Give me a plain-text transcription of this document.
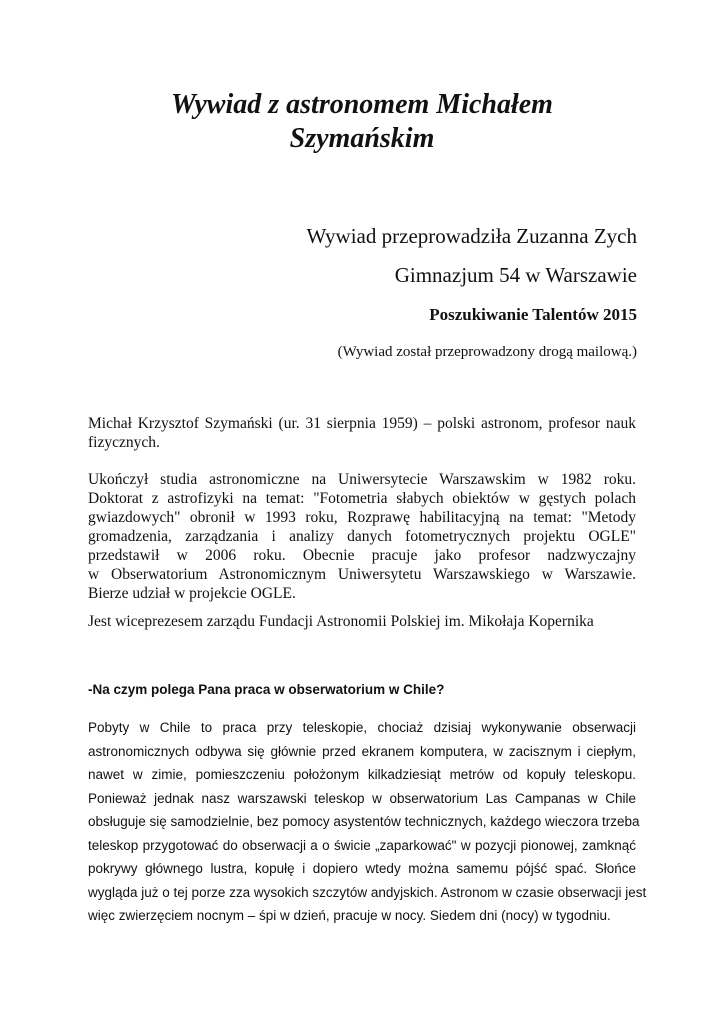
Wywiad z astronomem Michałem
Szymańskim
Wywiad przeprowadziła Zuzanna Zych
Gimnazjum 54 w Warszawie
Poszukiwanie Talentów 2015
(Wywiad został przeprowadzony drogą mailową.)

Michał Krzysztof Szymański (ur. 31 sierpnia 1959) – polski astronom, profesor nauk
fizycznych.

Ukończył studia astronomiczne na Uniwersytecie Warszawskim w 1982 roku.
Doktorat z astrofizyki na temat: "Fotometria słabych obiektów w gęstych polach
gwiazdowych" obronił w 1993 roku, Rozprawę habilitacyjną na temat: "Metody
gromadzenia, zarządzania i analizy danych fotometrycznych projektu OGLE"
przedstawił w 2006 roku. Obecnie pracuje jako profesor nadzwyczajny
w Obserwatorium Astronomicznym Uniwersytetu Warszawskiego w Warszawie.
Bierze udział w projekcie OGLE.

Jest wiceprezesem zarządu Fundacji Astronomii Polskiej im. Mikołaja Kopernika

-Na czym polega Pana praca w obserwatorium w Chile?

Pobyty w Chile to praca przy teleskopie, chociaż dzisiaj wykonywanie obserwacji
astronomicznych odbywa się głównie przed ekranem komputera, w zacisznym i ciepłym,
nawet w zimie, pomieszczeniu położonym kilkadziesiąt metrów od kopuły teleskopu.
Ponieważ jednak nasz warszawski teleskop w obserwatorium Las Campanas w Chile
obsługuje się samodzielnie, bez pomocy asystentów technicznych, każdego wieczora trzeba
teleskop przygotować do obserwacji a o świcie „zaparkować" w pozycji pionowej, zamknąć
pokrywy głównego lustra, kopułę i dopiero wtedy można samemu pójść spać. Słońce
wygląda już o tej porze zza wysokich szczytów andyjskich. Astronom w czasie obserwacji jest
więc zwierzęciem nocnym – śpi w dzień, pracuje w nocy. Siedem dni (nocy) w tygodniu.
